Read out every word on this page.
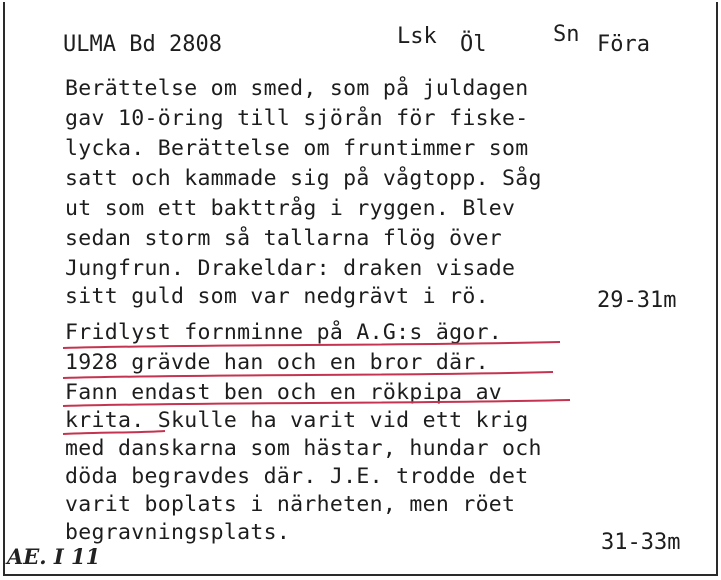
ULMA Bd 2808	Lsk Öl	Sn Föra
Berättelse om smed, som på juldagen
gav 10-öring till sjörån för fiske-
lycka. Berättelse om fruntimmer som
satt och kammade sig på vågtopp. Såg
ut som ett bakttråg i ryggen. Blev
sedan storm så tallarna flög över
Jungfrun. Drakeldar: draken visade
sitt guld som var nedgrävt i rö.	29-31m
Fridlyst fornminne på A.G:s ägor.
1928 grävde han och en bror där.
Fann endast ben och en rökpipa av
krita. Skulle ha varit vid ett krig
med danskarna som hästar, hundar och
döda begravdes där. J.E. trodde det
varit boplats i närheten, men röet
begravningsplats.	31-33m
AE. I 11
